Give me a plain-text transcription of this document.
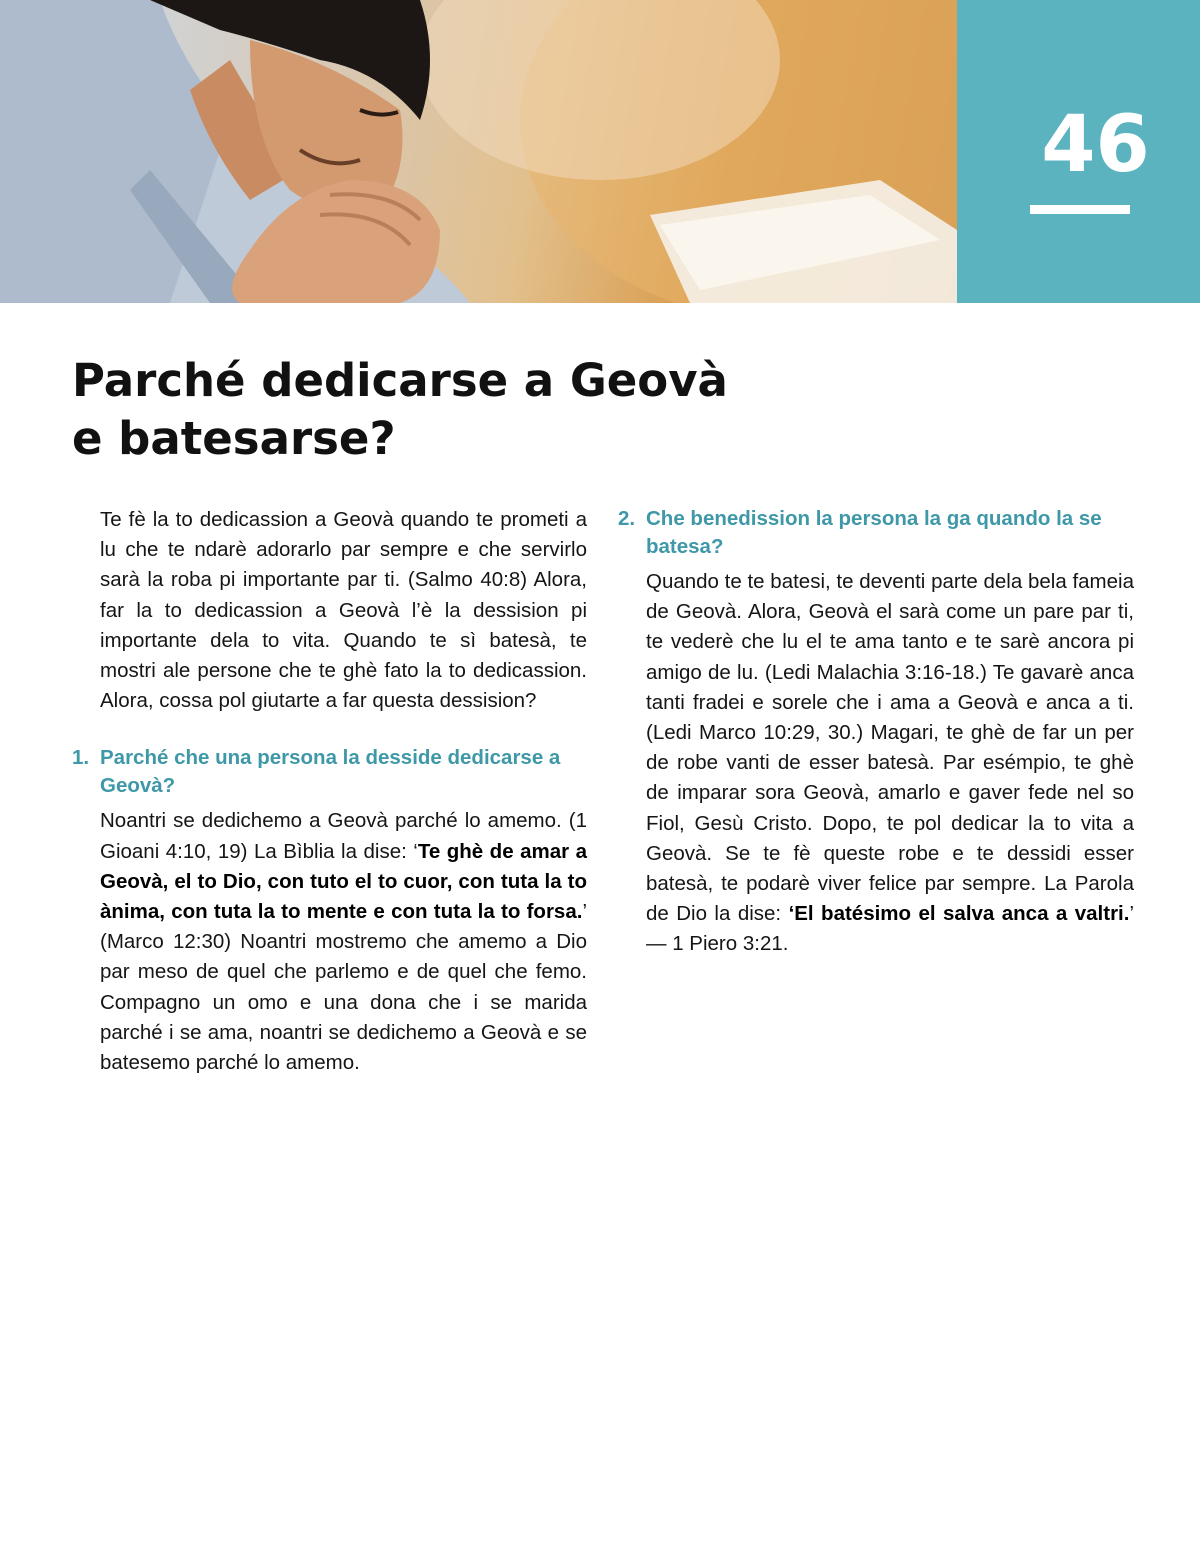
46
Parché dedicarse a Geovà
e batesarse?

Te fè la to dedicassion a Geovà quando te prometi a lu che te ndarè adorarlo par sempre e che servirlo sarà la roba pi importante par ti. (Salmo 40:8) Alora, far la to dedicassion a Geovà l’è la dessision pi importante dela to vita. Quando te sì batesà, te mostri ale persone che te ghè fato la to dedicassion. Alora, cossa pol giutarte a far questa dessision?

1. Parché che una persona la desside dedicarse a Geovà?

Noantri se dedichemo a Geovà parché lo amemo. (1 Gioani 4:10, 19) La Bìblia la dise: ‘Te ghè de amar a Geovà, el to Dio, con tuto el to cuor, con tuta la to ànima, con tuta la to mente e con tuta la to forsa.’ (Marco 12:30) Noantri mostremo che amemo a Dio par meso de quel che parlemo e de quel che femo. Compagno un omo e una dona che i se marida parché i se ama, noantri se dedichemo a Geovà e se batesemo parché lo amemo.

2. Che benedission la persona la ga quando la se batesa?

Quando te te batesi, te deventi parte dela bela fameia de Geovà. Alora, Geovà el sarà come un pare par ti, te vederè che lu el te ama tanto e te sarè ancora pi amigo de lu. (Ledi Malachia 3:16-18.) Te gavarè anca tanti fradei e sorele che i ama a Geovà e anca a ti. (Ledi Marco 10:29, 30.) Magari, te ghè de far un per de robe vanti de esser batesà. Par esémpio, te ghè de imparar sora Geovà, amarlo e gaver fede nel so Fiol, Gesù Cristo. Dopo, te pol dedicar la to vita a Geovà. Se te fè queste robe e te dessidi esser batesà, te podarè viver felice par sempre. La Parola de Dio la dise: ‘El batésimo el salva anca a valtri.’ — 1 Piero 3:21.
